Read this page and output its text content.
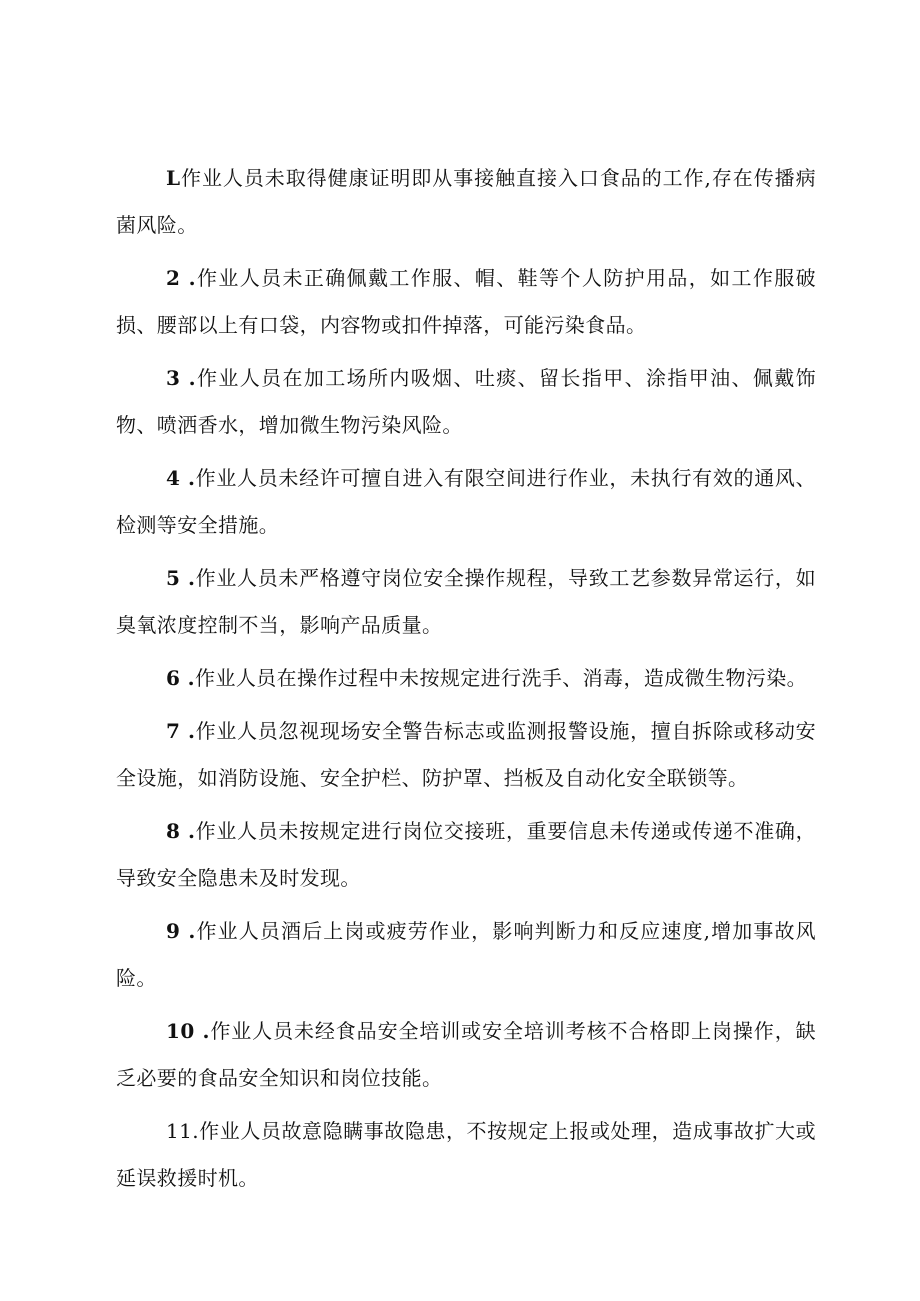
L作业人员未取得健康证明即从事接触直接入口食品的工作,存在传播病菌风险。

2 .作业人员未正确佩戴工作服、帽、鞋等个人防护用品，如工作服破损、腰部以上有口袋，内容物或扣件掉落，可能污染食品。

3 .作业人员在加工场所内吸烟、吐痰、留长指甲、涂指甲油、佩戴饰物、喷洒香水，增加微生物污染风险。

4 .作业人员未经许可擅自进入有限空间进行作业，未执行有效的通风、检测等安全措施。

5 .作业人员未严格遵守岗位安全操作规程，导致工艺参数异常运行，如臭氧浓度控制不当，影响产品质量。

6 .作业人员在操作过程中未按规定进行洗手、消毒，造成微生物污染。

7 .作业人员忽视现场安全警告标志或监测报警设施，擅自拆除或移动安全设施，如消防设施、安全护栏、防护罩、挡板及自动化安全联锁等。

8 .作业人员未按规定进行岗位交接班，重要信息未传递或传递不准确，导致安全隐患未及时发现。

9 .作业人员酒后上岗或疲劳作业，影响判断力和反应速度,增加事故风险。

10 .作业人员未经食品安全培训或安全培训考核不合格即上岗操作，缺乏必要的食品安全知识和岗位技能。

11.作业人员故意隐瞒事故隐患，不按规定上报或处理，造成事故扩大或延误救援时机。
